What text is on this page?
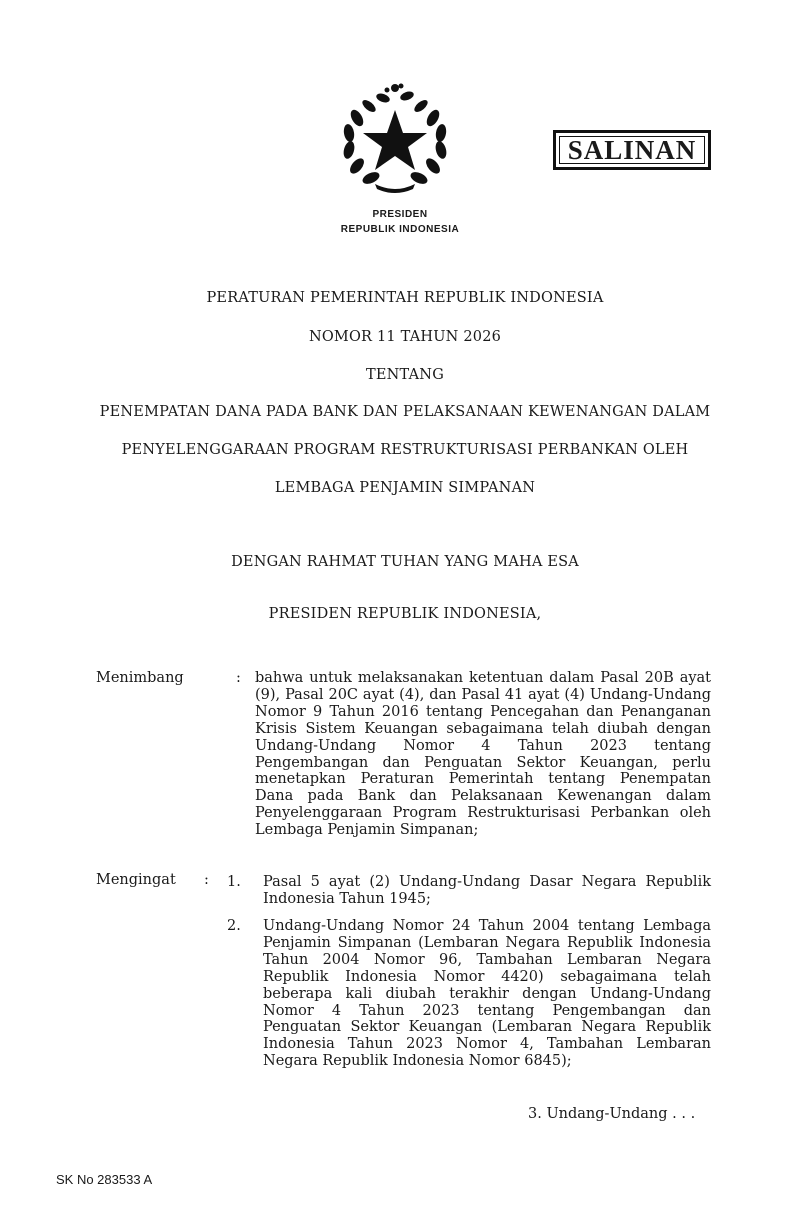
SALINAN
PRESIDEN
REPUBLIK INDONESIA
PERATURAN PEMERINTAH REPUBLIK INDONESIA
NOMOR 11 TAHUN 2026
TENTANG
PENEMPATAN DANA PADA BANK DAN PELAKSANAAN KEWENANGAN DALAM
PENYELENGGARAAN PROGRAM RESTRUKTURISASI PERBANKAN OLEH
LEMBAGA PENJAMIN SIMPANAN
DENGAN RAHMAT TUHAN YANG MAHA ESA
PRESIDEN REPUBLIK INDONESIA,
Menimbang	: bahwa untuk melaksanakan ketentuan dalam Pasal 20B ayat (9), Pasal 20C ayat (4), dan Pasal 41 ayat (4) Undang-Undang Nomor 9 Tahun 2016 tentang Pencegahan dan Penanganan Krisis Sistem Keuangan sebagaimana telah diubah dengan Undang-Undang Nomor 4 Tahun 2023 tentang Pengembangan dan Penguatan Sektor Keuangan, perlu menetapkan Peraturan Pemerintah tentang Penempatan Dana pada Bank dan Pelaksanaan Kewenangan dalam Penyelenggaraan Program Restrukturisasi Perbankan oleh Lembaga Penjamin Simpanan;
Mengingat : 1. Pasal 5 ayat (2) Undang-Undang Dasar Negara Republik Indonesia Tahun 1945;
2. Undang-Undang Nomor 24 Tahun 2004 tentang Lembaga Penjamin Simpanan (Lembaran Negara Republik Indonesia Tahun 2004 Nomor 96, Tambahan Lembaran Negara Republik Indonesia Nomor 4420) sebagaimana telah beberapa kali diubah terakhir dengan Undang-Undang Nomor 4 Tahun 2023 tentang Pengembangan dan Penguatan Sektor Keuangan (Lembaran Negara Republik Indonesia Tahun 2023 Nomor 4, Tambahan Lembaran Negara Republik Indonesia Nomor 6845);
3. Undang-Undang . . .
SK No 283533 A
